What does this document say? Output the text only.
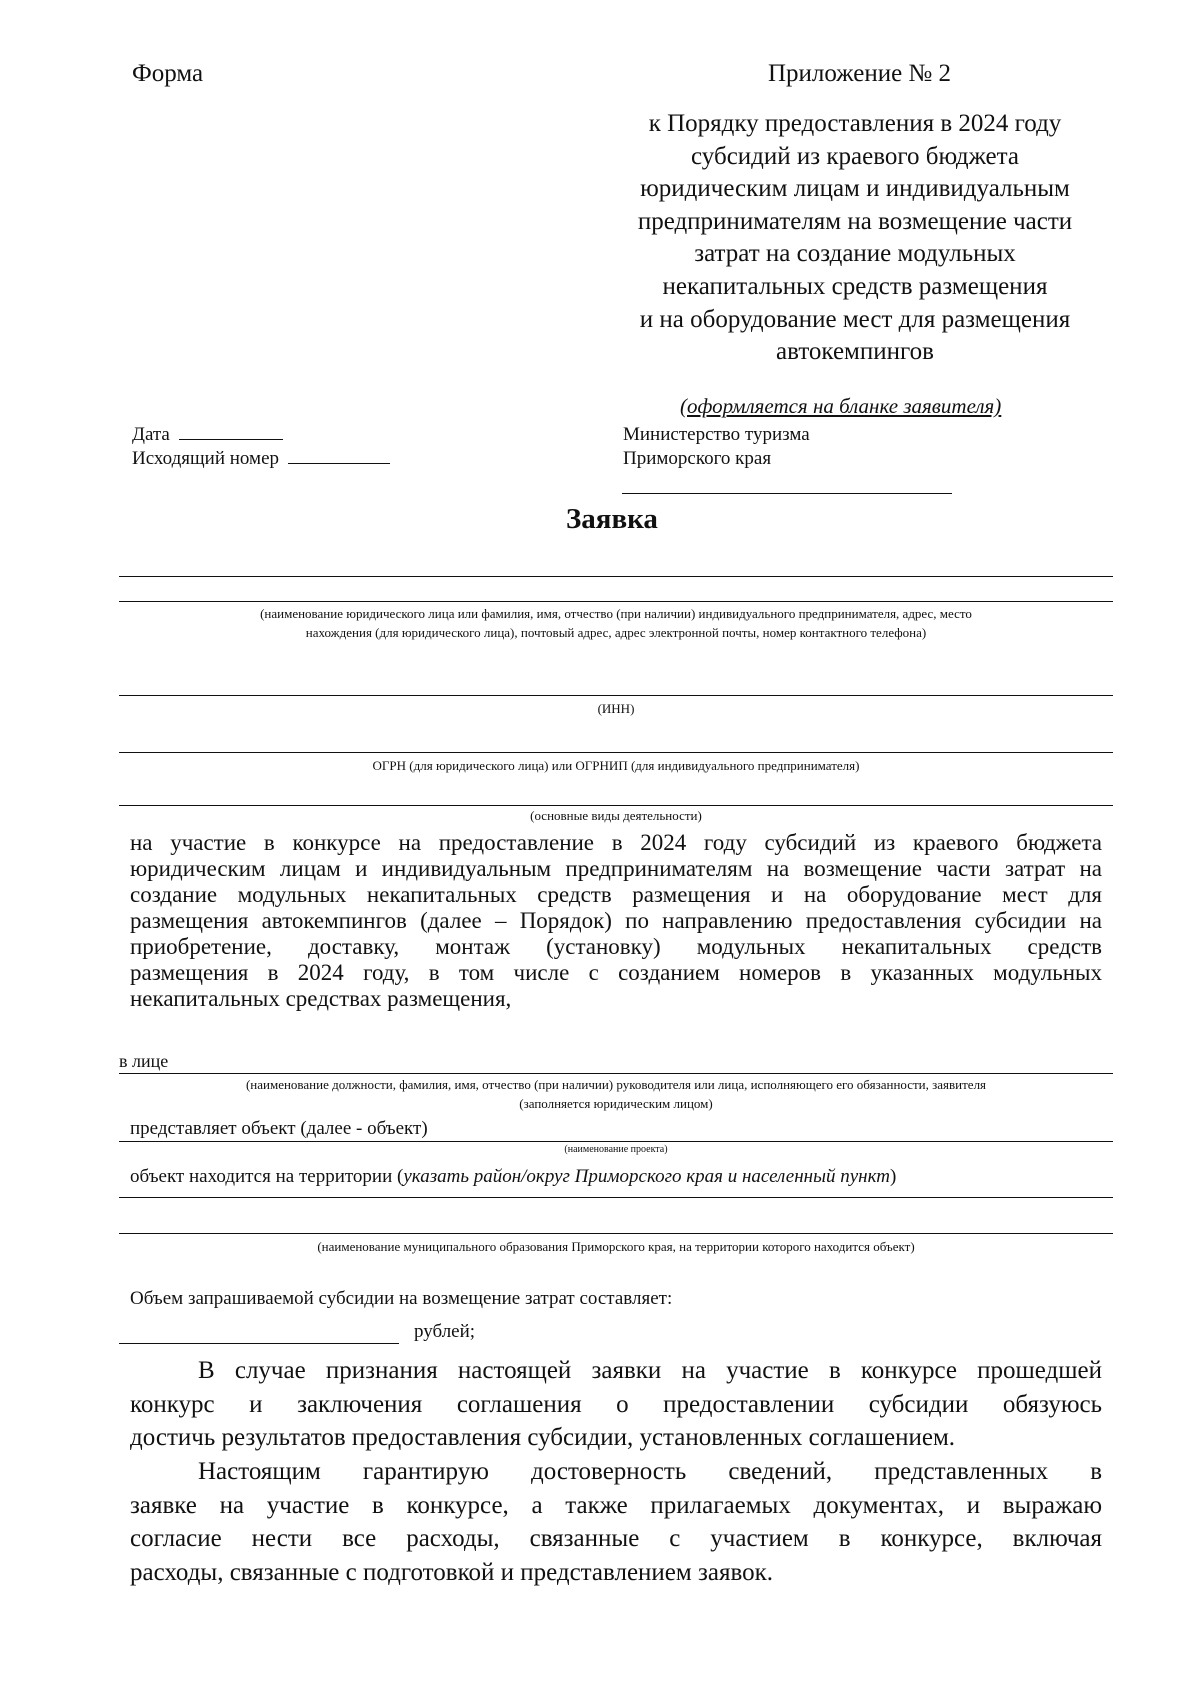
Форма	Приложение № 2
к Порядку предоставления в 2024 году
субсидий из краевого бюджета
юридическим лицам и индивидуальным
предпринимателям на возмещение части
затрат на создание модульных
некапитальных средств размещения
и на оборудование мест для размещения
автокемпингов
(оформляется на бланке заявителя)
Дата
Исходящий номер
Министерство туризма
Приморского края
Заявка
(наименование юридического лица или фамилия, имя, отчество (при наличии) индивидуального предпринимателя, адрес, место
нахождения (для юридического лица), почтовый адрес, адрес электронной почты, номер контактного телефона)
(ИНН)
ОГРН (для юридического лица) или ОГРНИП (для индивидуального предпринимателя)
(основные виды деятельности)
на участие в конкурсе на предоставление в 2024 году субсидий из краевого бюджета
юридическим лицам и индивидуальным предпринимателям на возмещение части затрат на
создание модульных некапитальных средств размещения и на оборудование мест для
размещения автокемпингов (далее – Порядок) по направлению предоставления субсидии на
приобретение, доставку, монтаж (установку) модульных некапитальных средств
размещения в 2024 году, в том числе с созданием номеров в указанных модульных
некапитальных средствах размещения,
в лице
(наименование должности, фамилия, имя, отчество (при наличии) руководителя или лица, исполняющего его обязанности, заявителя
(заполняется юридическим лицом)
представляет объект (далее - объект)
(наименование проекта)
объект находится на территории (указать район/округ Приморского края и населенный пункт)
(наименование муниципального образования Приморского края, на территории которого находится объект)
Объем запрашиваемой субсидии на возмещение затрат составляет:
рублей;
В случае признания настоящей заявки на участие в конкурсе прошедшей
конкурс и заключения соглашения о предоставлении субсидии обязуюсь
достичь результатов предоставления субсидии, установленных соглашением.
Настоящим гарантирую достоверность сведений, представленных в
заявке на участие в конкурсе, а также прилагаемых документах, и выражаю
согласие нести все расходы, связанные с участием в конкурсе, включая
расходы, связанные с подготовкой и представлением заявок.
